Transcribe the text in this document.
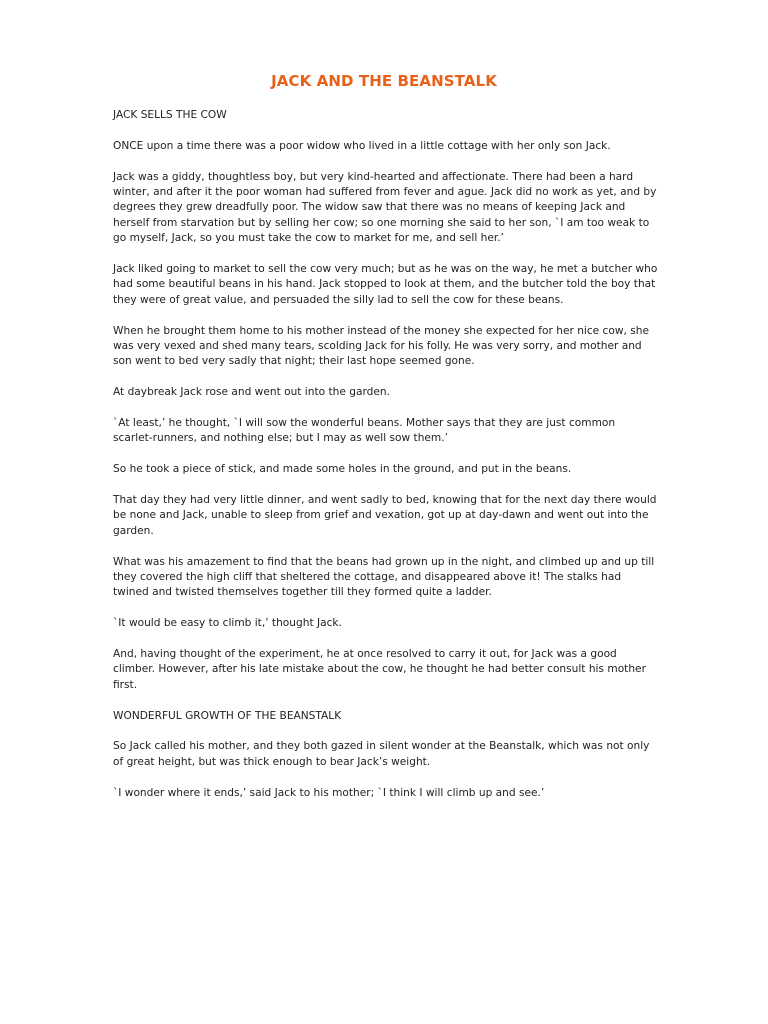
JACK AND THE BEANSTALK

JACK SELLS THE COW

ONCE upon a time there was a poor widow who lived in a little cottage with her only son Jack.

Jack was a giddy, thoughtless boy, but very kind-hearted and affectionate. There had been a hard winter, and after it the poor woman had suffered from fever and ague. Jack did no work as yet, and by degrees they grew dreadfully poor. The widow saw that there was no means of keeping Jack and herself from starvation but by selling her cow; so one morning she said to her son, `I am too weak to go myself, Jack, so you must take the cow to market for me, and sell her.’

Jack liked going to market to sell the cow very much; but as he was on the way, he met a butcher who had some beautiful beans in his hand. Jack stopped to look at them, and the butcher told the boy that they were of great value, and persuaded the silly lad to sell the cow for these beans.

When he brought them home to his mother instead of the money she expected for her nice cow, she was very vexed and shed many tears, scolding Jack for his folly. He was very sorry, and mother and son went to bed very sadly that night; their last hope seemed gone.

At daybreak Jack rose and went out into the garden.

`At least,’ he thought, `I will sow the wonderful beans. Mother says that they are just common scarlet-runners, and nothing else; but I may as well sow them.’

So he took a piece of stick, and made some holes in the ground, and put in the beans.

That day they had very little dinner, and went sadly to bed, knowing that for the next day there would be none and Jack, unable to sleep from grief and vexation, got up at day-dawn and went out into the garden.

What was his amazement to find that the beans had grown up in the night, and climbed up and up till they covered the high cliff that sheltered the cottage, and disappeared above it! The stalks had twined and twisted themselves together till they formed quite a ladder.

`It would be easy to climb it,’ thought Jack.

And, having thought of the experiment, he at once resolved to carry it out, for Jack was a good climber. However, after his late mistake about the cow, he thought he had better consult his mother first.

WONDERFUL GROWTH OF THE BEANSTALK

So Jack called his mother, and they both gazed in silent wonder at the Beanstalk, which was not only of great height, but was thick enough to bear Jack’s weight.

`I wonder where it ends,’ said Jack to his mother; `I think I will climb up and see.’
